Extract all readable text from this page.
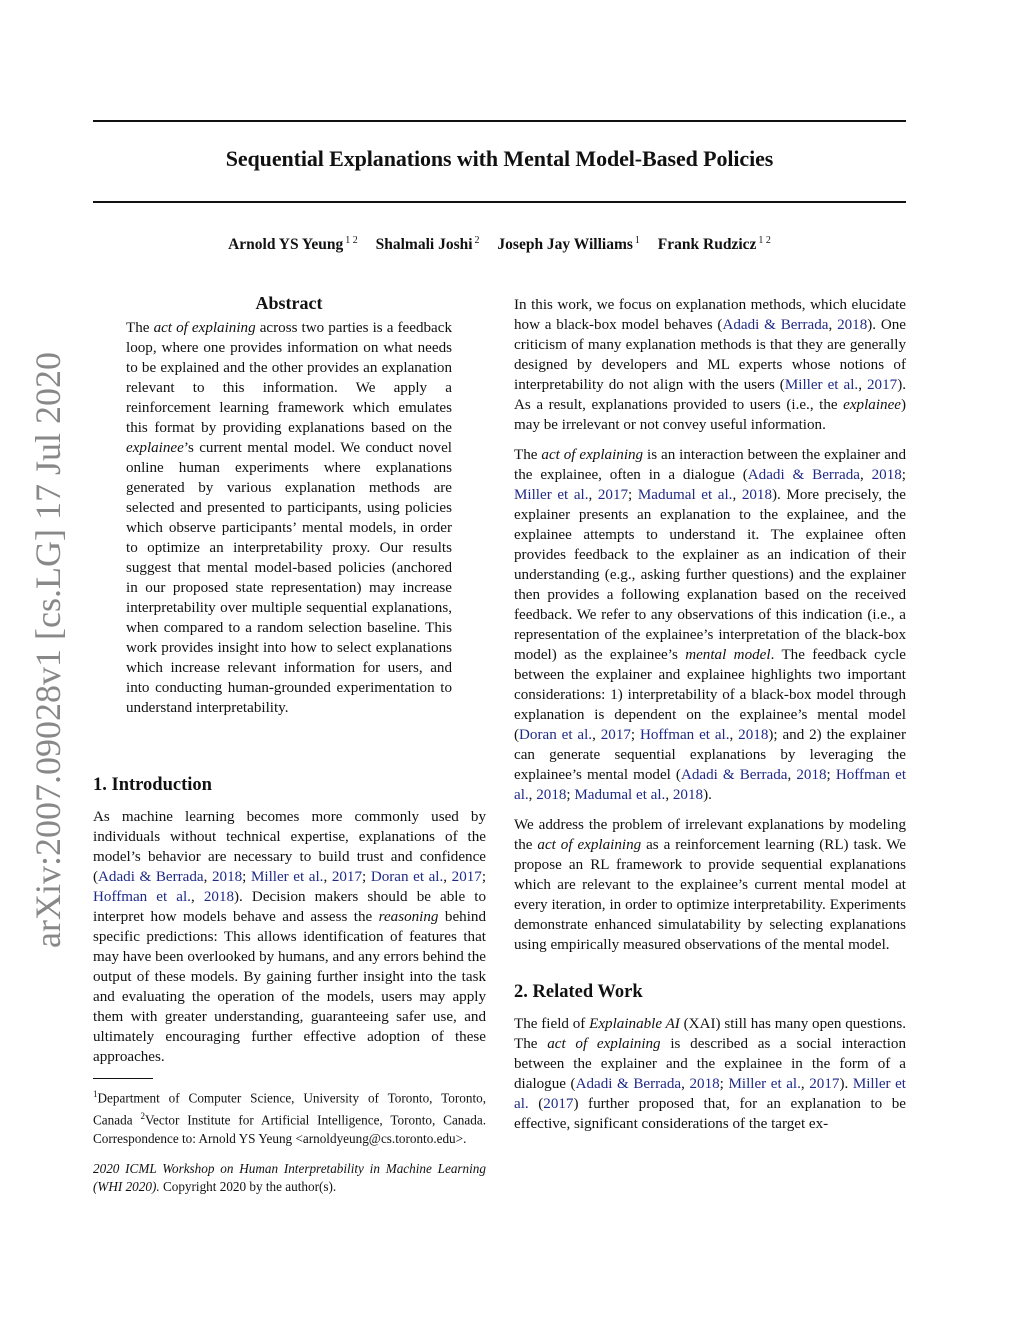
Sequential Explanations with Mental Model-Based Policies
Arnold YS Yeung $^{1 2}$ Shalmali Joshi $^2$ Joseph Jay Williams $^1$ Frank Rudzicz $^{1 2}$
arXiv:2007.09028v1 [cs.LG] 17 Jul 2020
Abstract

The act of explaining across two parties is a feedback loop, where one provides information on what needs to be explained and the other provides an explanation relevant to this information. We apply a reinforcement learning framework which emulates this format by providing explanations based on the explainee’s current mental model. We conduct novel online human experiments where explanations generated by various explanation methods are selected and presented to participants, using policies which observe participants’ mental models, in order to optimize an interpretability proxy. Our results suggest that mental model-based policies (anchored in our proposed state representation) may increase interpretability over multiple sequential explanations, when compared to a random selection baseline. This work provides insight into how to select explanations which increase relevant information for users, and into conducting human-grounded experimentation to understand interpretability.

1. Introduction

As machine learning becomes more commonly used by individuals without technical expertise, explanations of the model’s behavior are necessary to build trust and confidence (Adadi & Berrada, 2018; Miller et al., 2017; Doran et al., 2017; Hoffman et al., 2018). Decision makers should be able to interpret how models behave and assess the reasoning behind specific predictions: This allows identification of features that may have been overlooked by humans, and any errors behind the output of these models. By gaining further insight into the task and evaluating the operation of the models, users may apply them with greater understanding, guaranteeing safer use, and ultimately encouraging further effective adoption of these approaches.

$^1$Department of Computer Science, University of Toronto, Toronto, Canada $^2$Vector Institute for Artificial Intelligence, Toronto, Canada. Correspondence to: Arnold YS Yeung <arnoldyeung@cs.toronto.edu>.

2020 ICML Workshop on Human Interpretability in Machine Learning (WHI 2020). Copyright 2020 by the author(s).

In this work, we focus on explanation methods, which elucidate how a black-box model behaves (Adadi & Berrada, 2018). One criticism of many explanation methods is that they are generally designed by developers and ML experts whose notions of interpretability do not align with the users (Miller et al., 2017). As a result, explanations provided to users (i.e., the explainee) may be irrelevant or not convey useful information.

The act of explaining is an interaction between the explainer and the explainee, often in a dialogue (Adadi & Berrada, 2018; Miller et al., 2017; Madumal et al., 2018). More precisely, the explainer presents an explanation to the explainee, and the explainee attempts to understand it. The explainee often provides feedback to the explainer as an indication of their understanding (e.g., asking further questions) and the explainer then provides a following explanation based on the received feedback. We refer to any observations of this indication (i.e., a representation of the explainee’s interpretation of the black-box model) as the explainee’s mental model. The feedback cycle between the explainer and explainee highlights two important considerations: 1) interpretability of a black-box model through explanation is dependent on the explainee’s mental model (Doran et al., 2017; Hoffman et al., 2018); and 2) the explainer can generate sequential explanations by leveraging the explainee’s mental model (Adadi & Berrada, 2018; Hoffman et al., 2018; Madumal et al., 2018).

We address the problem of irrelevant explanations by modeling the act of explaining as a reinforcement learning (RL) task. We propose an RL framework to provide sequential explanations which are relevant to the explainee’s current mental model at every iteration, in order to optimize interpretability. Experiments demonstrate enhanced simulatability by selecting explanations using empirically measured observations of the mental model.

2. Related Work

The field of Explainable AI (XAI) still has many open questions. The act of explaining is described as a social interaction between the explainer and the explainee in the form of a dialogue (Adadi & Berrada, 2018; Miller et al., 2017). Miller et al. (2017) further proposed that, for an explanation to be effective, significant considerations of the target ex-
